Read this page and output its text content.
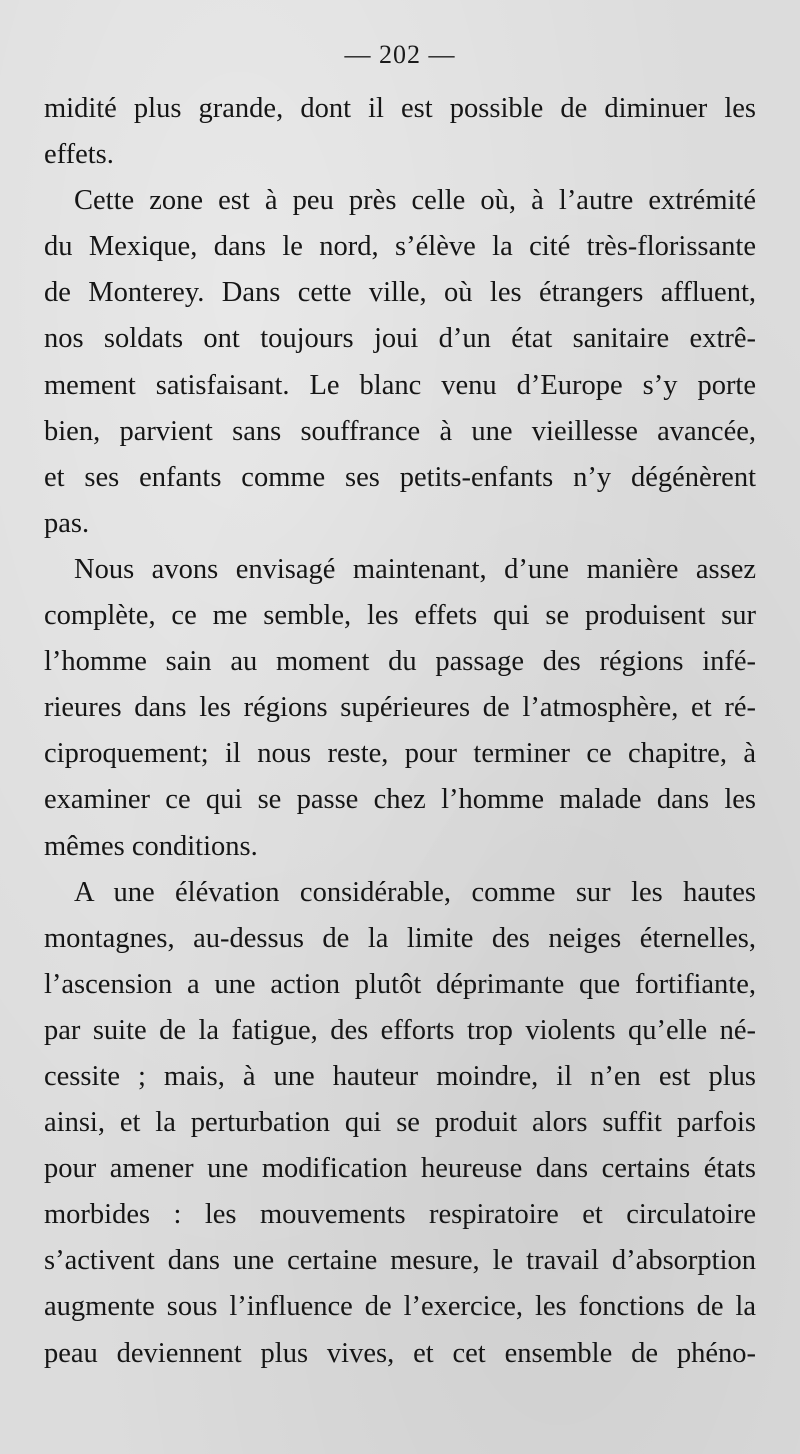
— 202 —
midité plus grande, dont il est possible de diminuer les
effets.
Cette zone est à peu près celle où, à l’autre extrémité
du Mexique, dans le nord, s’élève la cité très-florissante
de Monterey. Dans cette ville, où les étrangers affluent,
nos soldats ont toujours joui d’un état sanitaire extrê-
mement satisfaisant. Le blanc venu d’Europe s’y porte
bien, parvient sans souffrance à une vieillesse avancée,
et ses enfants comme ses petits-enfants n’y dégénèrent
pas.
Nous avons envisagé maintenant, d’une manière assez
complète, ce me semble, les effets qui se produisent sur
l’homme sain au moment du passage des régions infé-
rieures dans les régions supérieures de l’atmosphère, et ré-
ciproquement; il nous reste, pour terminer ce chapitre, à
examiner ce qui se passe chez l’homme malade dans les
mêmes conditions.
A une élévation considérable, comme sur les hautes
montagnes, au-dessus de la limite des neiges éternelles,
l’ascension a une action plutôt déprimante que fortifiante,
par suite de la fatigue, des efforts trop violents qu’elle né-
cessite ; mais, à une hauteur moindre, il n’en est plus
ainsi, et la perturbation qui se produit alors suffit parfois
pour amener une modification heureuse dans certains états
morbides : les mouvements respiratoire et circulatoire
s’activent dans une certaine mesure, le travail d’absorption
augmente sous l’influence de l’exercice, les fonctions de la
peau deviennent plus vives, et cet ensemble de phéno-
